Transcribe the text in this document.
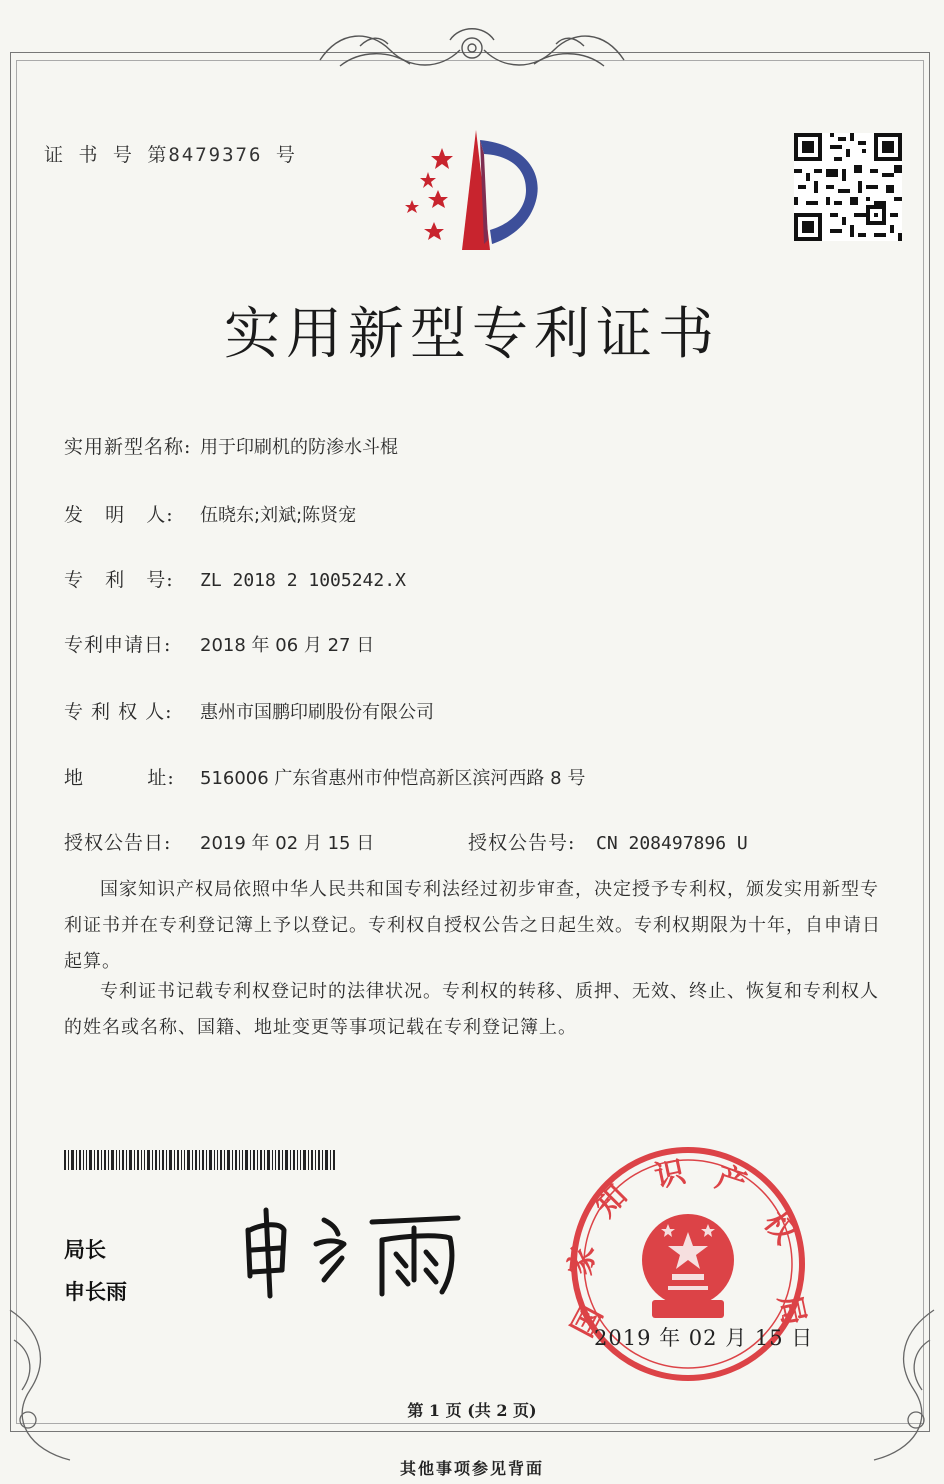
证 书 号 第8479376 号
实用新型专利证书
实用新型名称: 用于印刷机的防渗水斗棍
发   明   人: 伍晓东;刘斌;陈贤宠
专   利   号: ZL 2018 2 1005242.X
专利申请日: 2018 年 06 月 27 日
专 利 权 人: 惠州市国鹏印刷股份有限公司
地         址: 516006 广东省惠州市仲恺高新区滨河西路 8 号
授权公告日: 2019 年 02 月 15 日	授权公告号: CN 208497896 U
国家知识产权局依照中华人民共和国专利法经过初步审查，决定授予专利权，颁发实用新型专利证书并在专利登记簿上予以登记。专利权自授权公告之日起生效。专利权期限为十年，自申请日起算。
专利证书记载专利权登记时的法律状况。专利权的转移、质押、无效、终止、恢复和专利权人的姓名或名称、国籍、地址变更等事项记载在专利登记簿上。
局长
申长雨
国
家
知
识 产
权
局
2019 年 02 月 15 日
第 1 页 (共 2 页)
其他事项参见背面
